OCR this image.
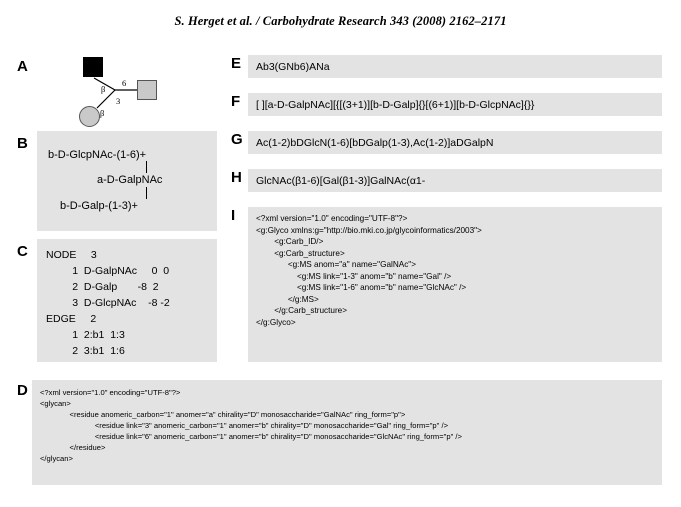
S. Herget et al. / Carbohydrate Research 343 (2008) 2162–2171
A
β
6
3
β
B
b-D-GlcpNAc-(1-6)+
a-D-GalpNAc
b-D-Galp-(1-3)+
C NODE     3
1  D-GalpNAc     0  0
2  D-Galp       -8  2
3  D-GlcpNAc    -8 -2
EDGE     2
1  2:b1  1:3
2  3:b1  1:6
D <?xml version="1.0" encoding="UTF-8"?>
<glycan>
<residue anomeric_carbon="1" anomer="a" chirality="D" monosaccharide="GalNAc" ring_form="p">
<residue link="3" anomeric_carbon="1" anomer="b" chirality="D" monosaccharide="Gal" ring_form="p" />
<residue link="6" anomeric_carbon="1" anomer="b" chirality="D" monosaccharide="GlcNAc" ring_form="p" />
</residue>
</glycan>
E Ab3(GNb6)ANa
F [ ][a-D-GalpNAc][{[(3+1)][b-D-Galp]{}[(6+1)][b-D-GlcpNAc]{}}
G Ac(1-2)bDGlcN(1-6)[bDGalp(1-3),Ac(1-2)]aDGalpN
H GlcNAc(β1-6)[Gal(β1-3)]GalNAc(α1-
I	<?xml version="1.0" encoding="UTF-8"?>
<g:Glyco xmlns:g="http://bio.mki.co.jp/glycoinformatics/2003">
<g:Carb_ID/>
<g:Carb_structure>
<g:MS anom="a" name="GalNAc">
<g:MS link="1-3" anom="b" name="Gal" />
<g:MS link="1-6" anom="b" name="GlcNAc" />
</g:MS>
</g:Carb_structure>
</g:Glyco>
